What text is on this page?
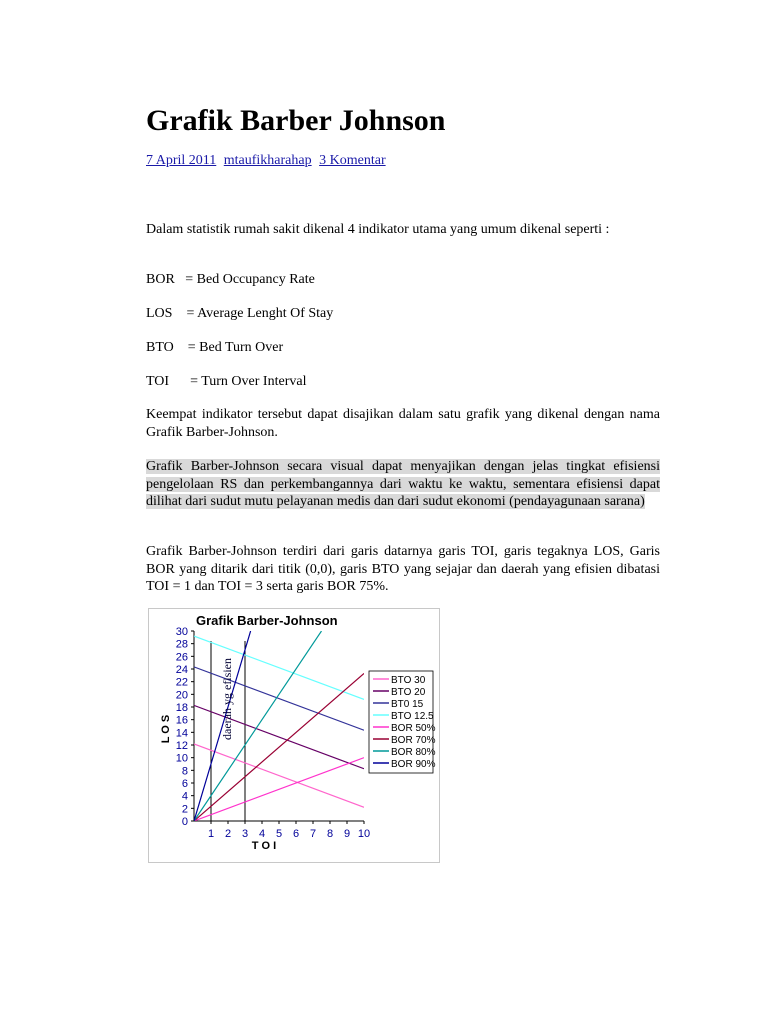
Grafik Barber Johnson
7 April 2011 mtaufikharahap 3 Komentar

Dalam statistik rumah sakit dikenal 4 indikator utama yang umum dikenal seperti :

BOR   = Bed Occupancy Rate

LOS    = Average Lenght Of Stay

BTO    = Bed Turn Over

TOI      = Turn Over Interval

Keempat indikator tersebut dapat disajikan dalam satu grafik yang dikenal dengan nama Grafik Barber-Johnson.

Grafik Barber-Johnson secara visual dapat menyajikan dengan jelas tingkat efisiensi pengelolaan RS dan perkembangannya dari waktu ke waktu, sementara efisiensi dapat dilihat dari sudut mutu pelayanan medis dan dari sudut ekonomi (pendayagunaan sarana)

Grafik Barber-Johnson terdiri dari garis datarnya garis TOI, garis tegaknya LOS, Garis BOR yang ditarik dari titik (0,0), garis BTO yang sejajar dan daerah yang efisien dibatasi TOI = 1 dan TOI = 3 serta garis BOR 75%.

Grafik Barber-Johnson
0
2
4
6
8
10
12
14
16
18
20
22
24
26
28
30
1 2 3 4 5 6 7 8 9 10
T O I
L O S	daerah yg efisien	BTO 30
BTO 20
BT0 15
BTO 12.5
BOR 50%
BOR 70%
BOR 80%
BOR 90%
